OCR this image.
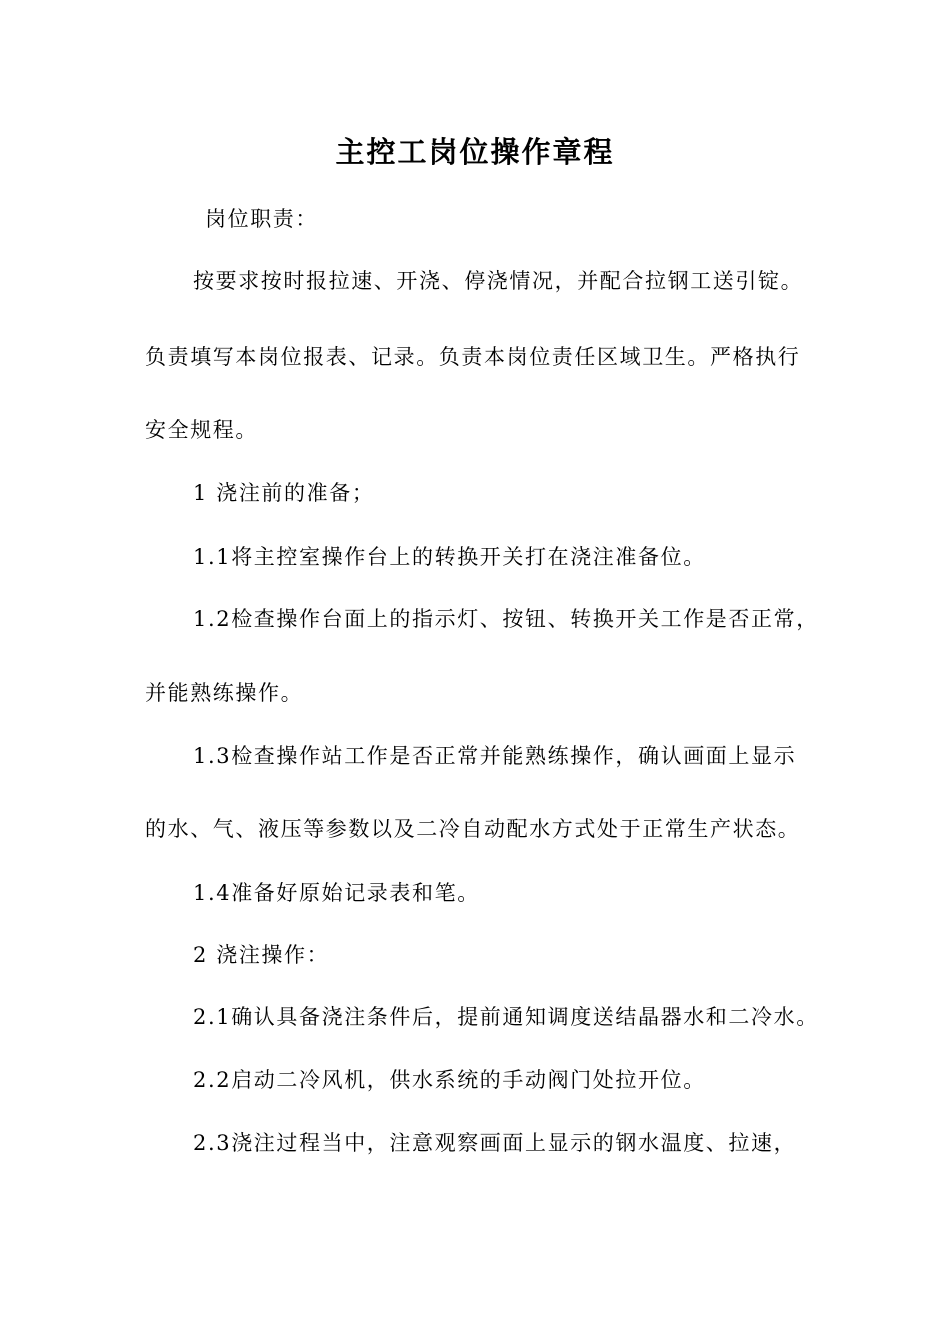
主控工岗位操作章程
岗位职责：
按要求按时报拉速、开浇、停浇情况，并配合拉钢工送引锭。
负责填写本岗位报表、记录。负责本岗位责任区域卫生。严格执行
安全规程。
1 浇注前的准备；
1.1将主控室操作台上的转换开关打在浇注准备位。
1.2检查操作台面上的指示灯、按钮、转换开关工作是否正常，
并能熟练操作。
1.3检查操作站工作是否正常并能熟练操作，确认画面上显示
的水、气、液压等参数以及二冷自动配水方式处于正常生产状态。
1.4准备好原始记录表和笔。
2 浇注操作：
2.1确认具备浇注条件后，提前通知调度送结晶器水和二冷水。
2.2启动二冷风机，供水系统的手动阀门处拉开位。
2.3浇注过程当中，注意观察画面上显示的钢水温度、拉速，
